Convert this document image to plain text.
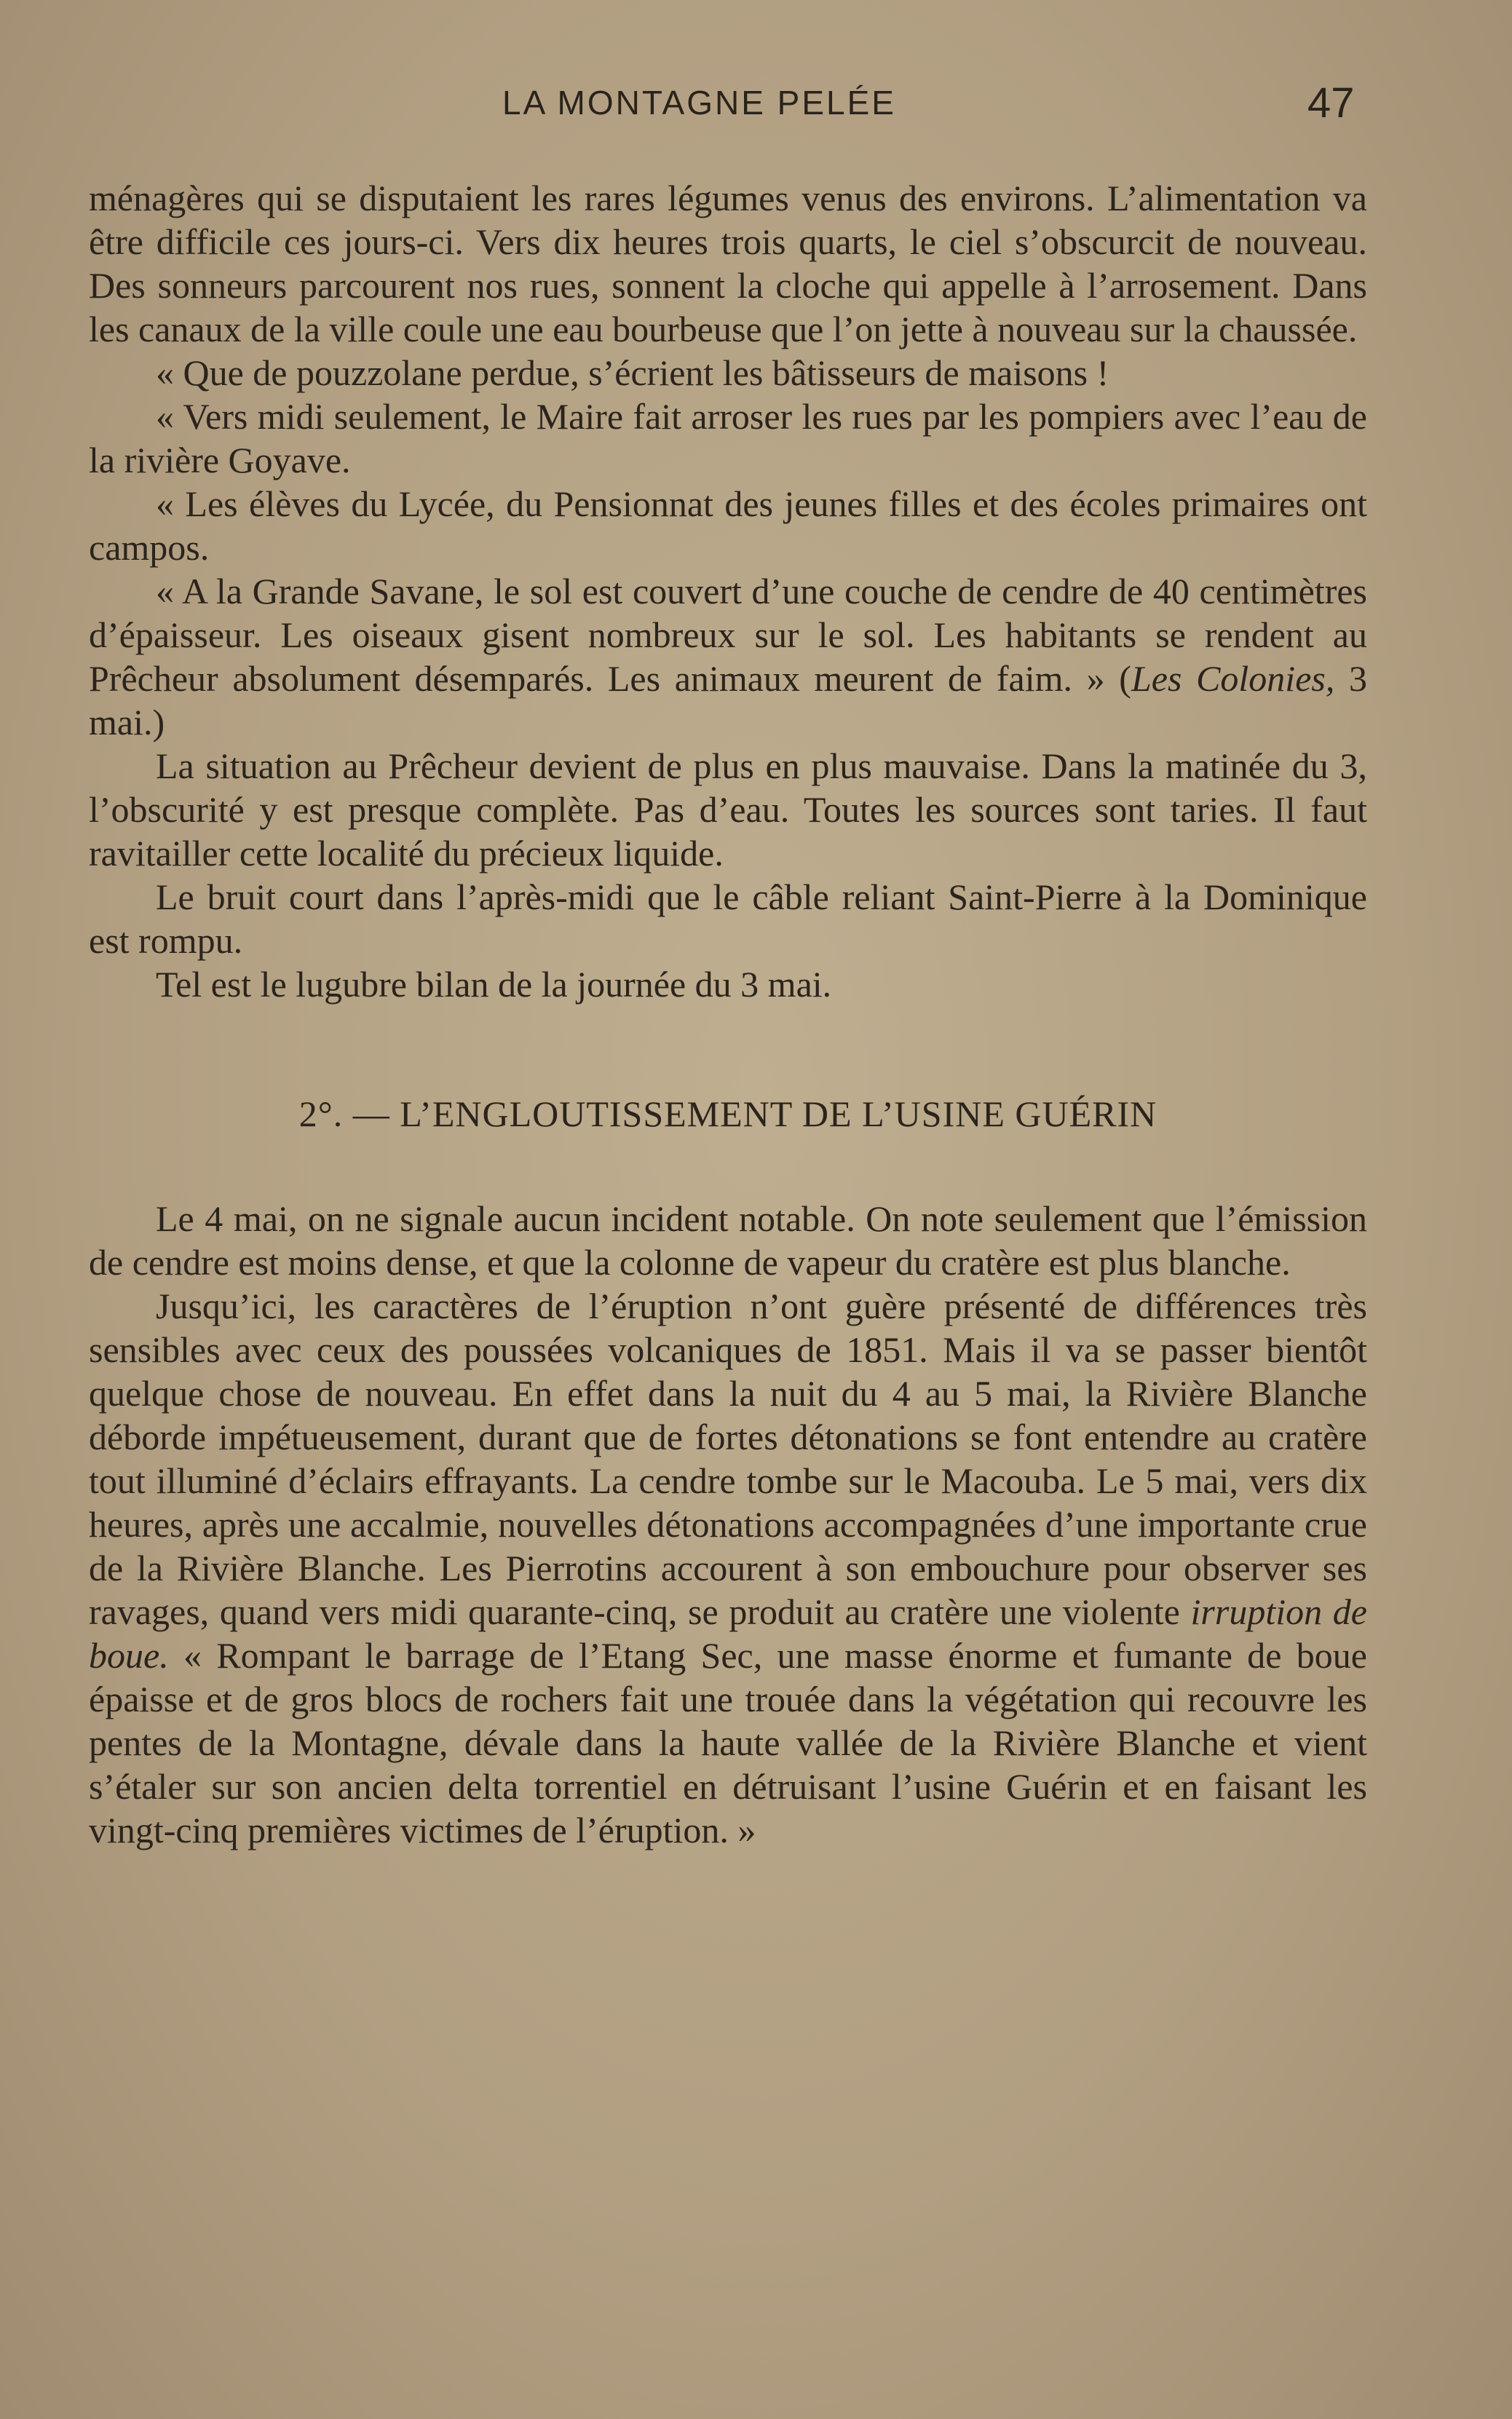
LA MONTAGNE PELÉE	47

ménagères qui se disputaient les rares légumes venus des environs. L’alimentation va être difficile ces jours-ci. Vers dix heures trois quarts, le ciel s’obscurcit de nouveau. Des sonneurs parcourent nos rues, sonnent la cloche qui appelle à l’arrosement. Dans les canaux de la ville coule une eau bourbeuse que l’on jette à nouveau sur la chaussée.

« Que de pouzzolane perdue, s’écrient les bâtisseurs de maisons !

« Vers midi seulement, le Maire fait arroser les rues par les pompiers avec l’eau de la rivière Goyave.

« Les élèves du Lycée, du Pensionnat des jeunes filles et des écoles primaires ont campos.

« A la Grande Savane, le sol est couvert d’une couche de cendre de 40 centimètres d’épaisseur. Les oiseaux gisent nombreux sur le sol. Les habitants se rendent au Prêcheur absolument désemparés. Les animaux meurent de faim. » (Les Colonies, 3 mai.)

La situation au Prêcheur devient de plus en plus mauvaise. Dans la matinée du 3, l’obscurité y est presque complète. Pas d’eau. Toutes les sources sont taries. Il faut ravitailler cette localité du précieux liquide.

Le bruit court dans l’après-midi que le câble reliant Saint-Pierre à la Dominique est rompu.

Tel est le lugubre bilan de la journée du 3 mai.

2°. — L’ENGLOUTISSEMENT DE L’USINE GUÉRIN

Le 4 mai, on ne signale aucun incident notable. On note seulement que l’émission de cendre est moins dense, et que la colonne de vapeur du cratère est plus blanche.

Jusqu’ici, les caractères de l’éruption n’ont guère présenté de différences très sensibles avec ceux des poussées volcaniques de 1851. Mais il va se passer bientôt quelque chose de nouveau. En effet dans la nuit du 4 au 5 mai, la Rivière Blanche déborde impétueusement, durant que de fortes détonations se font entendre au cratère tout illuminé d’éclairs effrayants. La cendre tombe sur le Macouba. Le 5 mai, vers dix heures, après une accalmie, nouvelles détonations accompagnées d’une importante crue de la Rivière Blanche. Les Pierrotins accourent à son embouchure pour observer ses ravages, quand vers midi quarante-cinq, se produit au cratère une violente irruption de boue. « Rompant le barrage de l’Etang Sec, une masse énorme et fumante de boue épaisse et de gros blocs de rochers fait une trouée dans la végétation qui recouvre les pentes de la Montagne, dévale dans la haute vallée de la Rivière Blanche et vient s’étaler sur son ancien delta torrentiel en détruisant l’usine Guérin et en faisant les vingt-cinq premières victimes de l’éruption. »
